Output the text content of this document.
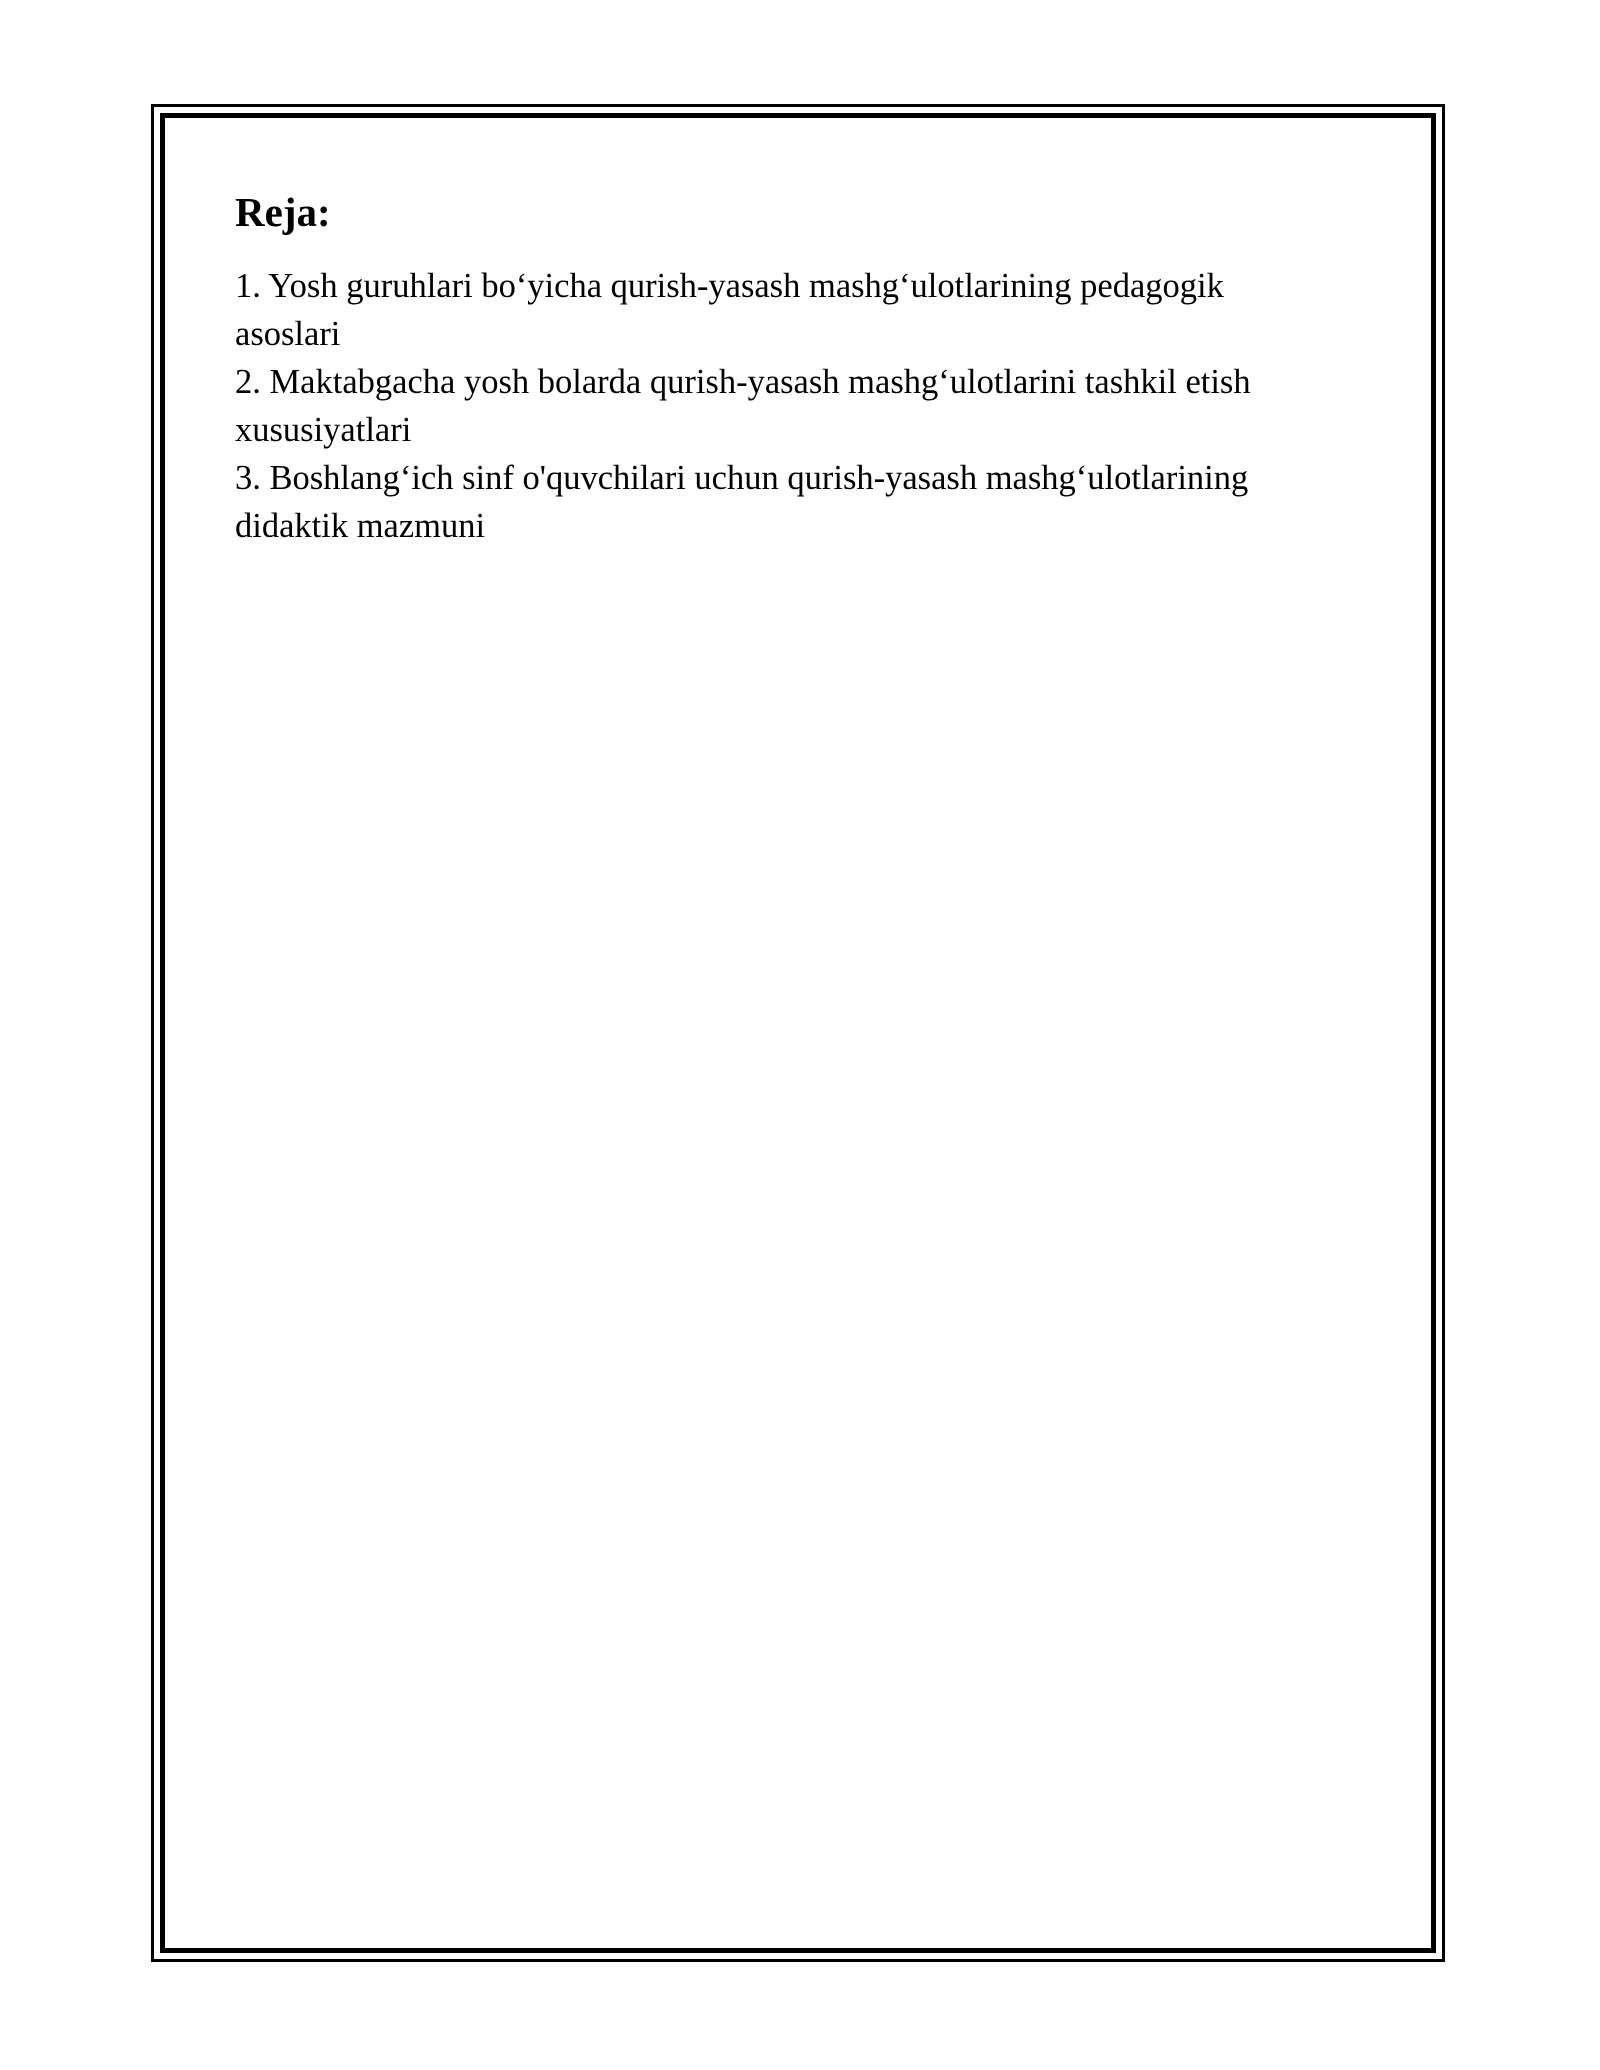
Reja:
1. Yosh guruhlari bo‘yicha qurish-yasash mashg‘ulotlarining pedagogik
asoslari
2. Maktabgacha yosh bolarda qurish-yasash mashg‘ulotlarini tashkil etish
xususiyatlari
3. Boshlang‘ich sinf o'quvchilari uchun qurish-yasash mashg‘ulotlarining
didaktik mazmuni
